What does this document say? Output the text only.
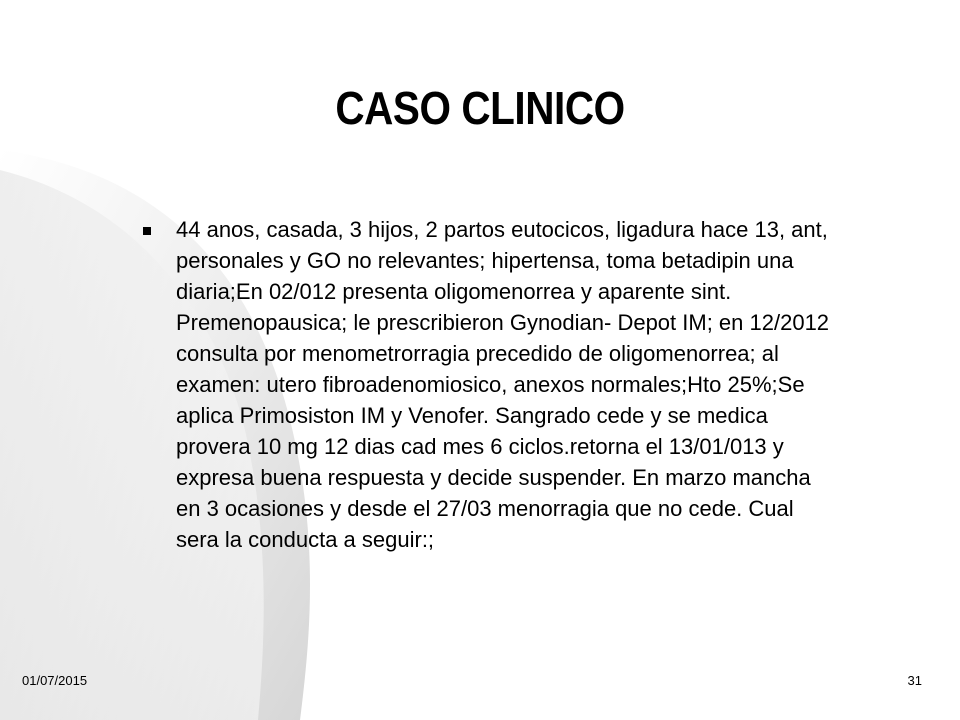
CASO CLINICO

44 anos, casada, 3 hijos, 2 partos eutocicos, ligadura hace 13, ant, personales y GO no relevantes; hipertensa, toma betadipin una diaria;En 02/012 presenta oligomenorrea y aparente sint. Premenopausica; le prescribieron Gynodian- Depot IM; en 12/2012 consulta por menometrorragia precedido de oligomenorrea; al examen: utero fibroadenomiosico, anexos normales;Hto 25%;Se aplica Primosiston IM y Venofer. Sangrado cede y se medica provera 10 mg 12 dias cad mes 6 ciclos.retorna el 13/01/013 y expresa buena respuesta y decide suspender. En marzo mancha en 3 ocasiones y desde el 27/03 menorragia que no cede. Cual sera la conducta a seguir:;

01/07/2015	31
